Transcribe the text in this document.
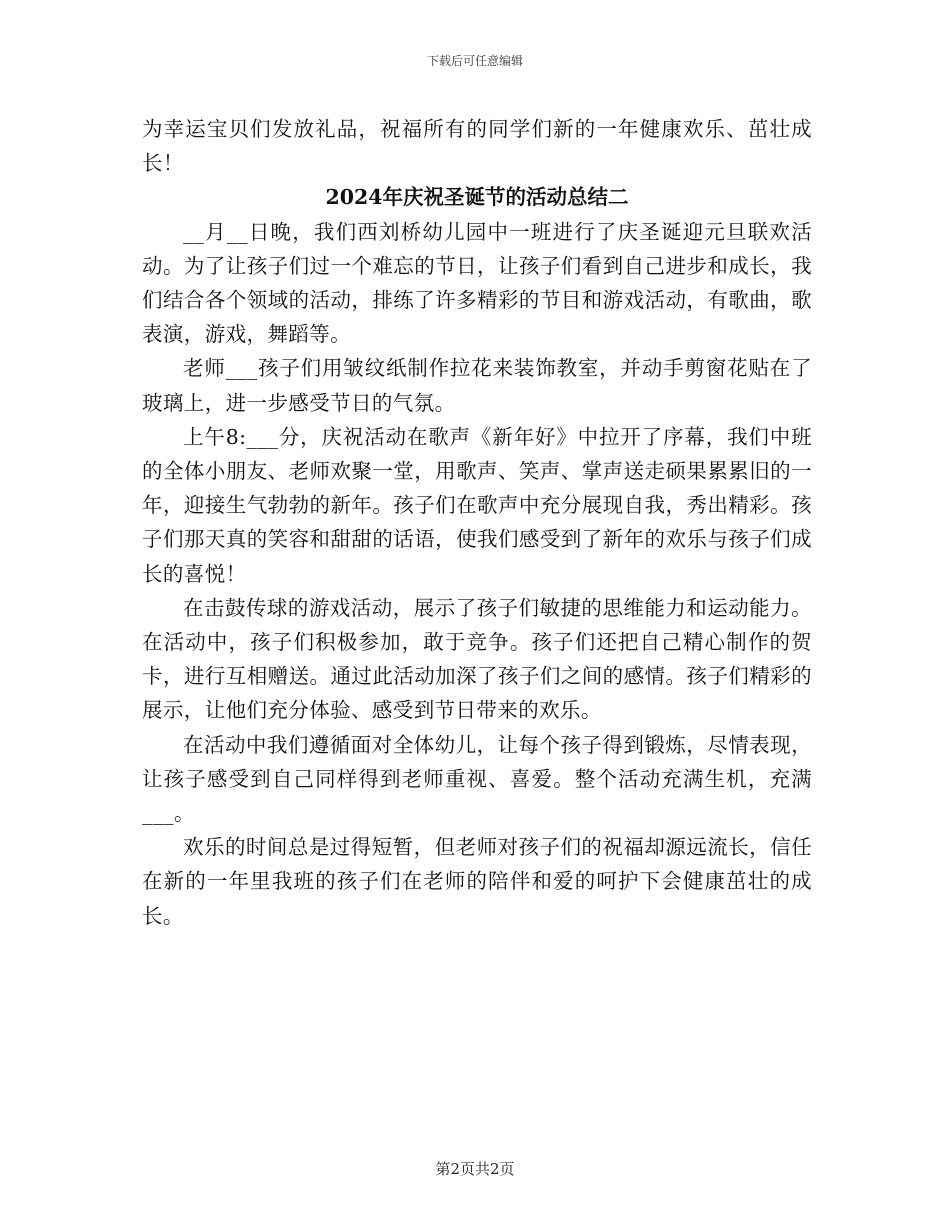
下载后可任意编辑

为幸运宝贝们发放礼品，祝福所有的同学们新的一年健康欢乐、茁壮成长！

2024年庆祝圣诞节的活动总结二

__月__日晚，我们西刘桥幼儿园中一班进行了庆圣诞迎元旦联欢活动。为了让孩子们过一个难忘的节日，让孩子们看到自己进步和成长，我们结合各个领域的活动，排练了许多精彩的节目和游戏活动，有歌曲，歌表演，游戏，舞蹈等。

老师___孩子们用皱纹纸制作拉花来装饰教室，并动手剪窗花贴在了玻璃上，进一步感受节日的气氛。

上午8:___分，庆祝活动在歌声《新年好》中拉开了序幕，我们中班的全体小朋友、老师欢聚一堂，用歌声、笑声、掌声送走硕果累累旧的一年，迎接生气勃勃的新年。孩子们在歌声中充分展现自我，秀出精彩。孩子们那天真的笑容和甜甜的话语，使我们感受到了新年的欢乐与孩子们成长的喜悦！

在击鼓传球的游戏活动，展示了孩子们敏捷的思维能力和运动能力。在活动中，孩子们积极参加，敢于竞争。孩子们还把自己精心制作的贺卡，进行互相赠送。通过此活动加深了孩子们之间的感情。孩子们精彩的展示，让他们充分体验、感受到节日带来的欢乐。

在活动中我们遵循面对全体幼儿，让每个孩子得到锻炼，尽情表现，让孩子感受到自己同样得到老师重视、喜爱。整个活动充满生机，充满___。

欢乐的时间总是过得短暂，但老师对孩子们的祝福却源远流长，信任在新的一年里我班的孩子们在老师的陪伴和爱的呵护下会健康茁壮的成长。

第2页共2页
